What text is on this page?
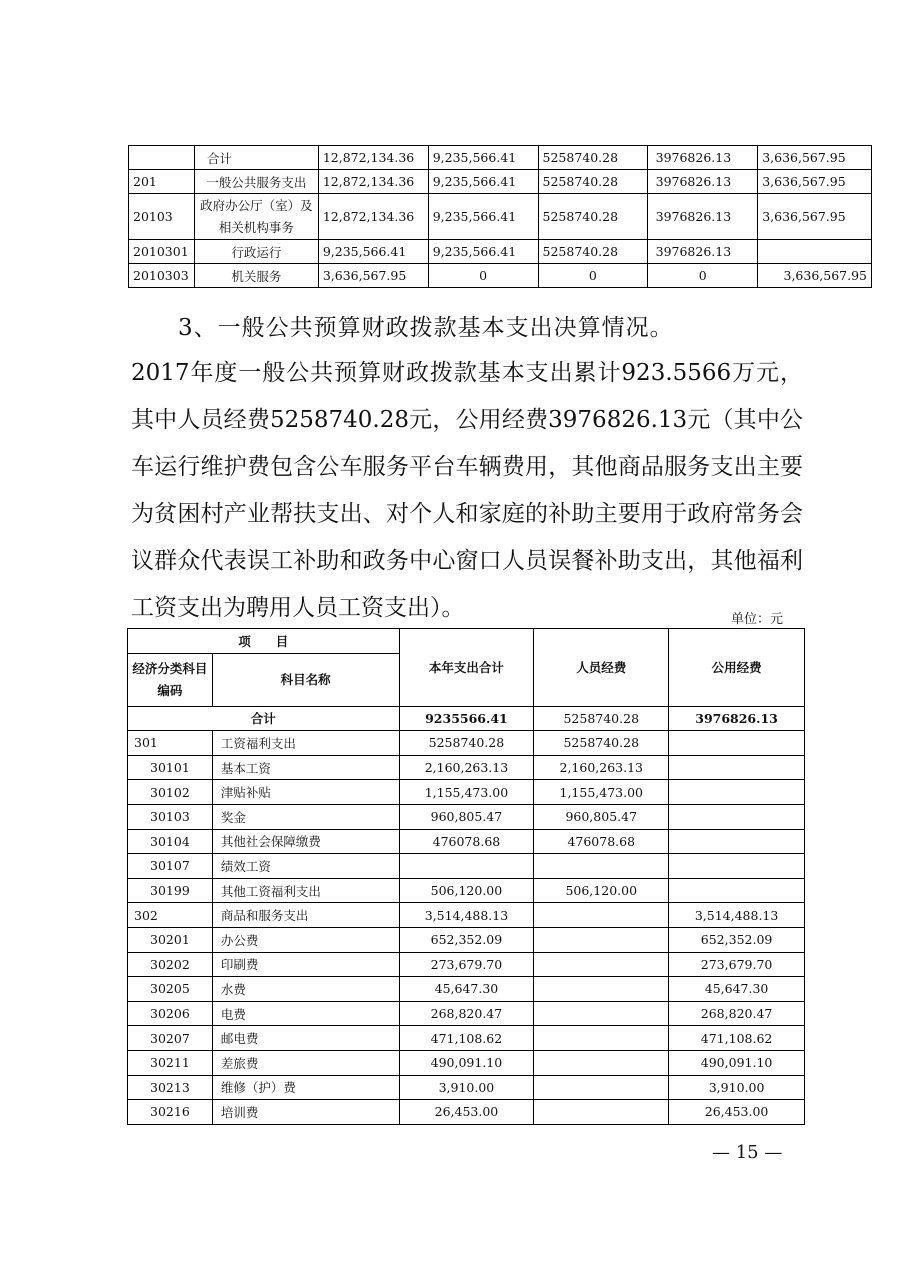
	合计	12,872,134.36	9,235,566.41	5258740.28	3976826.13	3,636,567.95
201	一般公共服务支出	12,872,134.36	9,235,566.41	5258740.28	3976826.13	3,636,567.95
20103	政府办公厅（室）及相关机构事务	12,872,134.36	9,235,566.41	5258740.28	3976826.13	3,636,567.95
2010301	行政运行	9,235,566.41	9,235,566.41	5258740.28	3976826.13	
2010303	机关服务	3,636,567.95	0	0	0	3,636,567.95
3、一般公共预算财政拨款基本支出决算情况。

2017年度一般公共预算财政拨款基本支出累计923.5566万元，其中人员经费5258740.28元，公用经费3976826.13元（其中公车运行维护费包含公车服务平台车辆费用，其他商品服务支出主要为贫困村产业帮扶支出、对个人和家庭的补助主要用于政府常务会议群众代表误工补助和政务中心窗口人员误餐补助支出，其他福利工资支出为聘用人员工资支出）。	单位：元
项　　目		本年支出合计	人员经费	公用经费
经济分类科目编码	科目名称			
合计		9235566.41	5258740.28	3976826.13
301	工资福利支出	5258740.28	5258740.28	
30101	基本工资	2,160,263.13	2,160,263.13	
30102	津贴补贴	1,155,473.00	1,155,473.00	
30103	奖金	960,805.47	960,805.47	
30104	其他社会保障缴费	476078.68	476078.68	
30107	绩效工资			
30199	其他工资福利支出	506,120.00	506,120.00	
302	商品和服务支出	3,514,488.13		3,514,488.13
30201	办公费	652,352.09		652,352.09
30202	印刷费	273,679.70		273,679.70
30205	水费	45,647.30		45,647.30
30206	电费	268,820.47		268,820.47
30207	邮电费	471,108.62		471,108.62
30211	差旅费	490,091.10		490,091.10
30213	维修（护）费	3,910.00		3,910.00
30216	培训费	26,453.00		26,453.00
— 15 —
